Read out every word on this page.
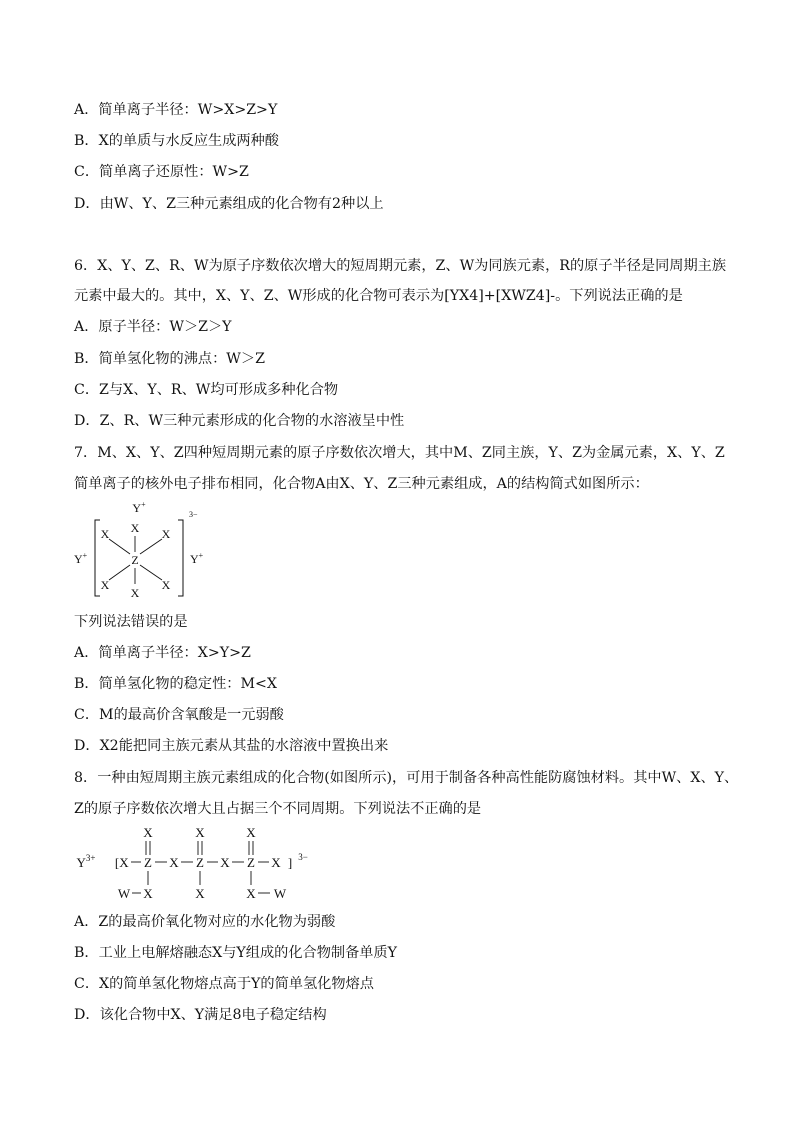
A．简单离子半径：W>X>Z>Y
B．X的单质与水反应生成两种酸
C．简单离子还原性：W>Z
D．由W、Y、Z三种元素组成的化合物有2种以上
6．X、Y、Z、R、W为原子序数依次增大的短周期元素，Z、W为同族元素，R的原子半径是同周期主族
元素中最大的。其中，X、Y、Z、W形成的化合物可表示为[YX4]+[XWZ4]-。下列说法正确的是
A．原子半径：W＞Z＞Y
B．简单氢化物的沸点：W＞Z
C．Z与X、Y、R、W均可形成多种化合物
D．Z、R、W三种元素形成的化合物的水溶液呈中性
7．M、X、Y、Z四种短周期元素的原子序数依次增大，其中M、Z同主族，Y、Z为金属元素，X、Y、Z
简单离子的核外电子排布相同，化合物A由X、Y、Z三种元素组成，A的结构简式如图所示：
Y+
Y+	Y+
3−
X
X	X
Z
X	X
X
下列说法错误的是
A．简单离子半径：X>Y>Z
B．简单氢化物的稳定性：M<X
C．M的最高价含氧酸是一元弱酸
D．X2能把同主族元素从其盐的水溶液中置换出来
8．一种由短周期主族元素组成的化合物(如图所示)，可用于制备各种高性能防腐蚀材料。其中W、X、Y、
Z的原子序数依次增大且占据三个不同周期。下列说法不正确的是
X	X	X
$Y^{3+}$ [ X Z X Z X Z X ] 3−
W X	X	X W
A．Z的最高价氧化物对应的水化物为弱酸
B．工业上电解熔融态X与Y组成的化合物制备单质Y
C．X的简单氢化物熔点高于Y的简单氢化物熔点
D．该化合物中X、Y满足8电子稳定结构
